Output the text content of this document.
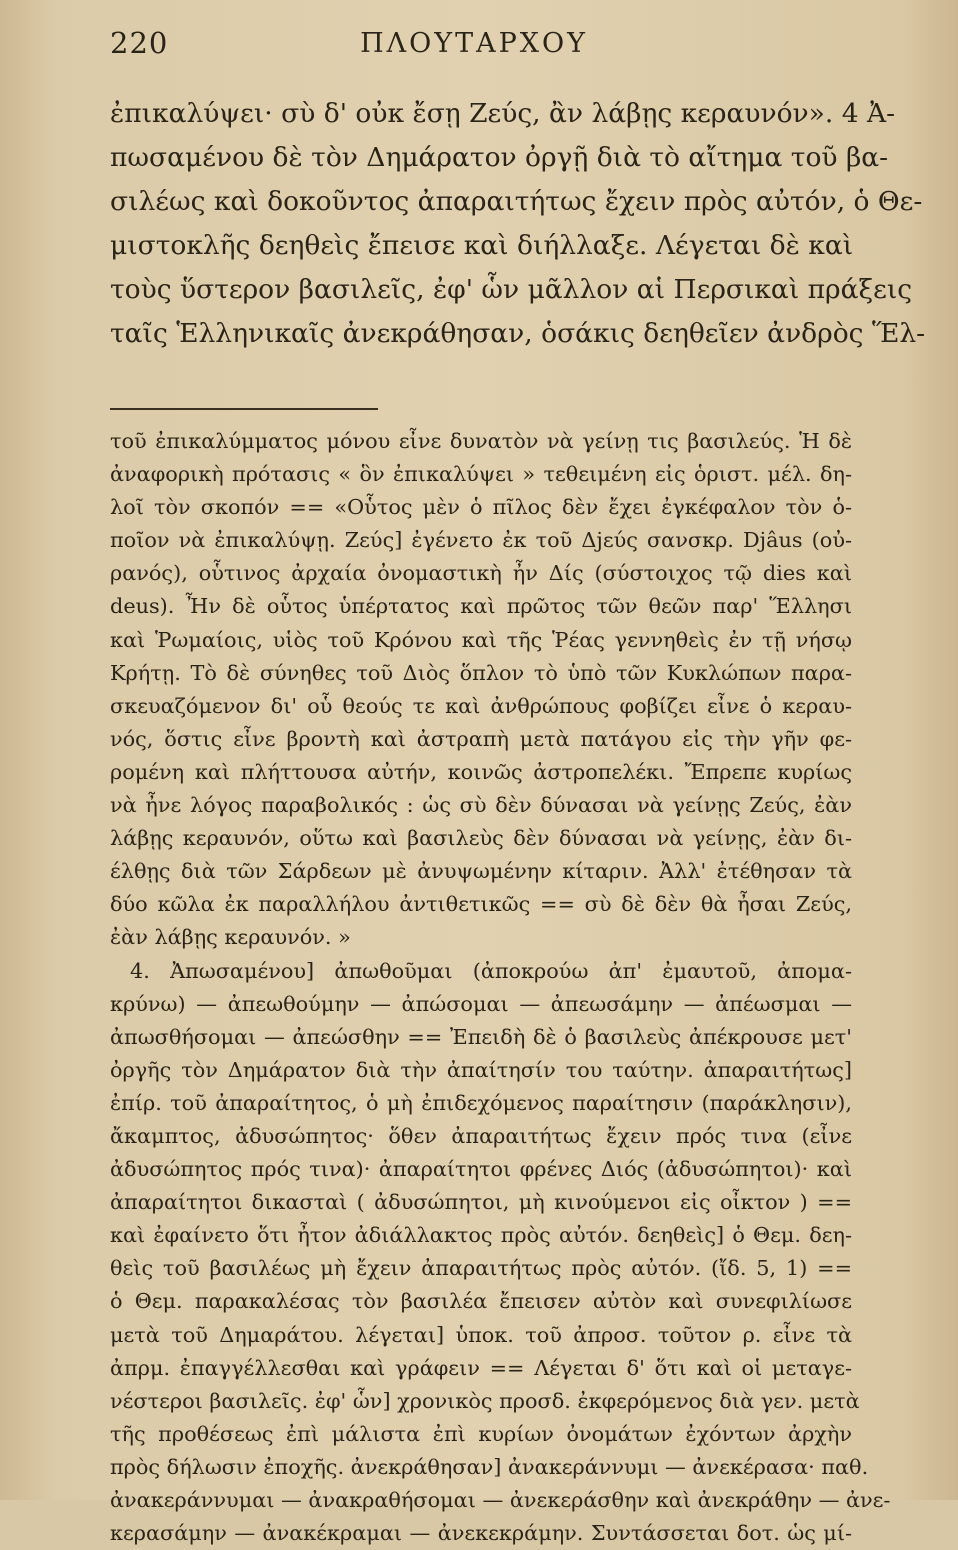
220	ΠΛΟΥΤΑΡΧΟΥ
ἐπικαλύψει· σὺ δ' οὐκ ἔσῃ Ζεύς, ἂν λάβῃς κεραυνόν». 4 Ἀ-
πωσαμένου δὲ τὸν Δημάρατον ὀργῇ διὰ τὸ αἴτημα τοῦ βα-
σιλέως καὶ δοκοῦντος ἀπαραιτήτως ἔχειν πρὸς αὐτόν, ὁ Θε-
μιστοκλῆς δεηθεὶς ἔπεισε καὶ διήλλαξε. Λέγεται δὲ καὶ
τοὺς ὕστερον βασιλεῖς, ἐφ' ὧν μᾶλλον αἱ Περσικαὶ πράξεις
ταῖς Ἑλληνικαῖς ἀνεκράθησαν, ὁσάκις δεηθεῖεν ἀνδρὸς Ἕλ-
τοῦ ἐπικαλύμματος μόνου εἶνε δυνατὸν νὰ γείνῃ τις βασιλεύς. Ἡ δὲ
ἀναφορικὴ πρότασις « ὃν ἐπικαλύψει » τεθειμένη εἰς ὁριστ. μέλ. δη-
λοῖ τὸν σκοπόν == «Οὗτος μὲν ὁ πῖλος δὲν ἔχει ἐγκέφαλον τὸν ὁ-
ποῖον νὰ ἐπικαλύψῃ. Ζεύς] ἐγένετο ἐκ τοῦ Δjεύς σανσκρ. Djâus (οὐ-
ρανός), οὗτινος ἀρχαία ὀνομαστικὴ ἦν Δίς (σύστοιχος τῷ dies καὶ
deus). Ἦν δὲ οὗτος ὑπέρτατος καὶ πρῶτος τῶν θεῶν παρ' Ἕλλησι
καὶ Ῥωμαίοις, υἱὸς τοῦ Κρόνου καὶ τῆς Ῥέας γεννηθεὶς ἐν τῇ νήσῳ
Κρήτῃ. Τὸ δὲ σύνηθες τοῦ Διὸς ὅπλον τὸ ὑπὸ τῶν Κυκλώπων παρα-
σκευαζόμενον δι' οὗ θεούς τε καὶ ἀνθρώπους φοβίζει εἶνε ὁ κεραυ-
νός, ὅστις εἶνε βροντὴ καὶ ἀστραπὴ μετὰ πατάγου εἰς τὴν γῆν φε-
ρομένη καὶ πλήττουσα αὐτήν, κοινῶς ἀστροπελέκι. Ἔπρεπε κυρίως
νὰ ἦνε λόγος παραβολικός : ὡς σὺ δὲν δύνασαι νὰ γείνῃς Ζεύς, ἐὰν
λάβῃς κεραυνόν, οὕτω καὶ βασιλεὺς δὲν δύνασαι νὰ γείνῃς, ἐὰν δι-
έλθῃς διὰ τῶν Σάρδεων μὲ ἀνυψωμένην κίταριν. Ἀλλ' ἐτέθησαν τὰ
δύο κῶλα ἐκ παραλλήλου ἀντιθετικῶς == σὺ δὲ δὲν θὰ ἦσαι Ζεύς,
ἐὰν λάβῃς κεραυνόν. »
4. Ἀπωσαμένου] ἀπωθοῦμαι (ἀποκρούω ἀπ' ἐμαυτοῦ, ἀπομα-
κρύνω) — ἀπεωθούμην — ἀπώσομαι — ἀπεωσάμην — ἀπέωσμαι —
ἀπωσθήσομαι — ἀπεώσθην == Ἐπειδὴ δὲ ὁ βασιλεὺς ἀπέκρουσε μετ'
ὀργῆς τὸν Δημάρατον διὰ τὴν ἀπαίτησίν του ταύτην. ἀπαραιτήτως]
ἐπίρ. τοῦ ἀπαραίτητος, ὁ μὴ ἐπιδεχόμενος παραίτησιν (παράκλησιν),
ἄκαμπτος, ἀδυσώπητος· ὅθεν ἀπαραιτήτως ἔχειν πρός τινα (εἶνε
ἀδυσώπητος πρός τινα)· ἀπαραίτητοι φρένες Διός (ἀδυσώπητοι)· καὶ
ἀπαραίτητοι δικασταὶ ( ἀδυσώπητοι, μὴ κινούμενοι εἰς οἶκτον ) ==
καὶ ἐφαίνετο ὅτι ἦτον ἀδιάλλακτος πρὸς αὐτόν. δεηθεὶς] ὁ Θεμ. δεη-
θεὶς τοῦ βασιλέως μὴ ἔχειν ἀπαραιτήτως πρὸς αὐτόν. (ἴδ. 5, 1) ==
ὁ Θεμ. παρακαλέσας τὸν βασιλέα ἔπεισεν αὐτὸν καὶ συνεφιλίωσε
μετὰ τοῦ Δημαράτου. λέγεται] ὑποκ. τοῦ ἀπροσ. τοῦτον ρ. εἶνε τὰ
ἀπρμ. ἐπαγγέλλεσθαι καὶ γράφειν == Λέγεται δ' ὅτι καὶ οἱ μεταγε-
νέστεροι βασιλεῖς. ἐφ' ὧν] χρονικὸς προσδ. ἐκφερόμενος διὰ γεν. μετὰ
τῆς προθέσεως ἐπὶ μάλιστα ἐπὶ κυρίων ὀνομάτων ἐχόντων ἀρχὴν
πρὸς δήλωσιν ἐποχῆς. ἀνεκράθησαν] ἀνακεράννυμι — ἀνεκέρασα· παθ.
ἀνακεράννυμαι — ἀνακραθήσομαι — ἀνεκεράσθην καὶ ἀνεκράθην — ἀνε-
κερασάμην — ἀνακέκραμαι — ἀνεκεκράμην. Συντάσσεται δοτ. ὡς μί-
